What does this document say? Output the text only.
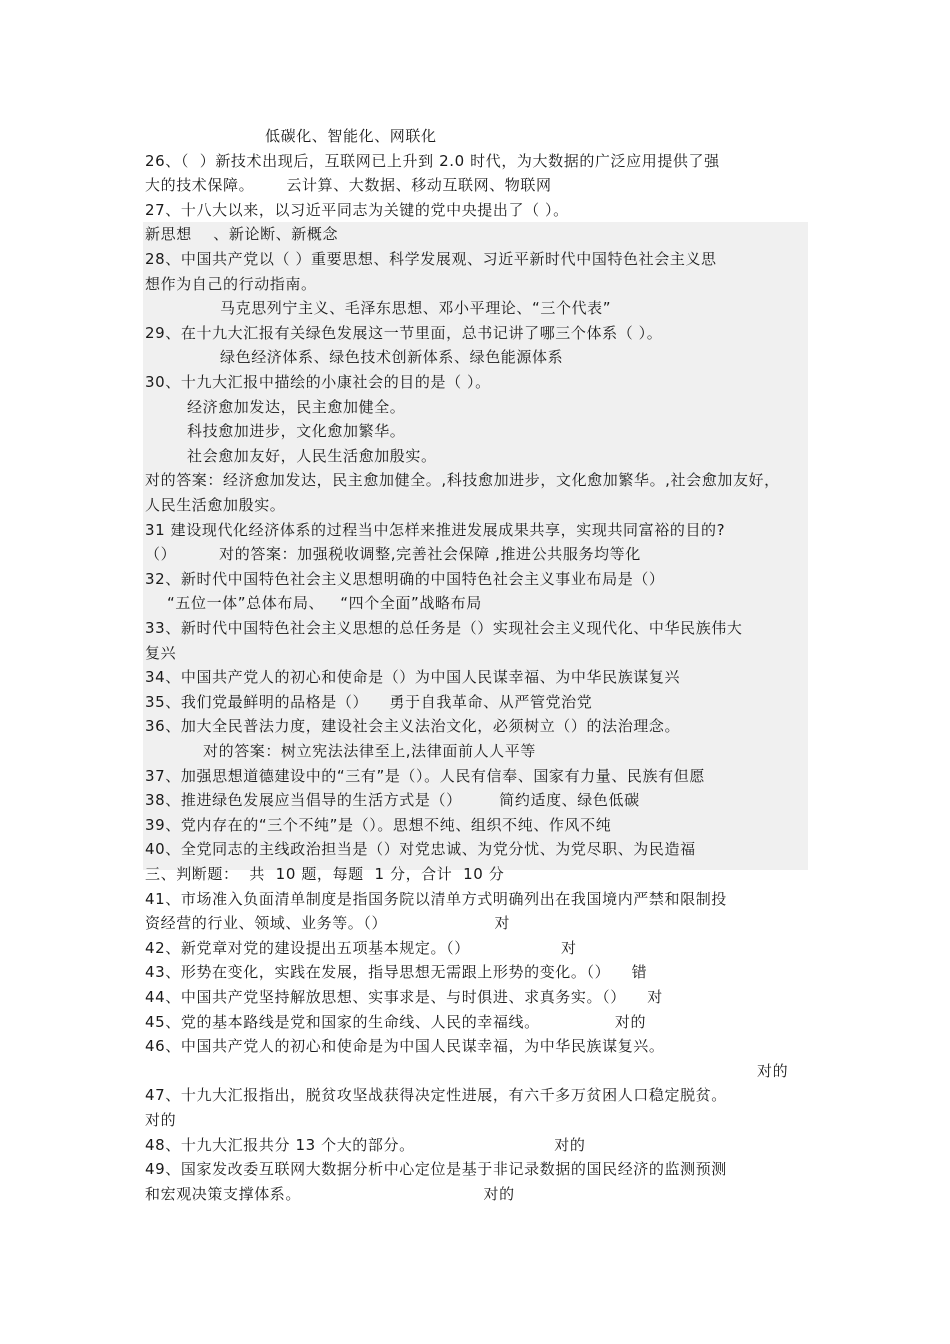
低碳化、智能化、网联化
26、（  ）新技术出现后，互联网已上升到 2.0 时代，为大数据的广泛应用提供了强
大的技术保障。      云计算、大数据、移动互联网、物联网
27、十八大以来，以习近平同志为关键的党中央提出了（ ）。
新思想    、新论断、新概念
28、中国共产党以（ ）重要思想、科学发展观、习近平新时代中国特色社会主义思
想作为自己的行动指南。
马克思列宁主义、毛泽东思想、邓小平理论、“三个代表”
29、在十九大汇报有关绿色发展这一节里面，总书记讲了哪三个体系（ ）。
绿色经济体系、绿色技术创新体系、绿色能源体系
30、十九大汇报中描绘的小康社会的目的是（ ）。
经济愈加发达，民主愈加健全。
科技愈加进步，文化愈加繁华。
社会愈加友好，人民生活愈加殷实。
对的答案：经济愈加发达，民主愈加健全。,科技愈加进步，文化愈加繁华。,社会愈加友好，
人民生活愈加殷实。
31 建设现代化经济体系的过程当中怎样来推进发展成果共享，实现共同富裕的目的?
（）        对的答案：加强税收调整,完善社会保障 ,推进公共服务均等化
32、新时代中国特色社会主义思想明确的中国特色社会主义事业布局是（）
“五位一体”总体布局、   “四个全面”战略布局
33、新时代中国特色社会主义思想的总任务是（）实现社会主义现代化、中华民族伟大
复兴
34、中国共产党人的初心和使命是（）为中国人民谋幸福、为中华民族谋复兴
35、我们党最鲜明的品格是（）    勇于自我革命、从严管党治党
36、加大全民普法力度，建设社会主义法治文化，必须树立（）的法治理念。
对的答案：树立宪法法律至上,法律面前人人平等
37、加强思想道德建设中的“三有”是（）。人民有信奉、国家有力量、民族有但愿
38、推进绿色发展应当倡导的生活方式是（）       简约适度、绿色低碳
39、党内存在的“三个不纯”是（）。思想不纯、组织不纯、作风不纯
40、全党同志的主线政治担当是（）对党忠诚、为党分忧、为党尽职、为民造福
三、判断题：  共  10 题，每题  1 分，合计  10 分
41、市场准入负面清单制度是指国务院以清单方式明确列出在我国境内严禁和限制投
资经营的行业、领域、业务等。（）                    对
42、新党章对党的建设提出五项基本规定。（）                 对
43、形势在变化，实践在发展，指导思想无需跟上形势的变化。（）    错
44、中国共产党坚持解放思想、实事求是、与时俱进、求真务实。（）    对
45、党的基本路线是党和国家的生命线、人民的幸福线。              对的
46、中国共产党人的初心和使命是为中国人民谋幸福，为中华民族谋复兴。
对的
47、十九大汇报指出，脱贫攻坚战获得决定性进展，有六千多万贫困人口稳定脱贫。
对的
48、十九大汇报共分 13 个大的部分。                          对的
49、国家发改委互联网大数据分析中心定位是基于非记录数据的国民经济的监测预测
和宏观决策支撑体系。                                  对的
